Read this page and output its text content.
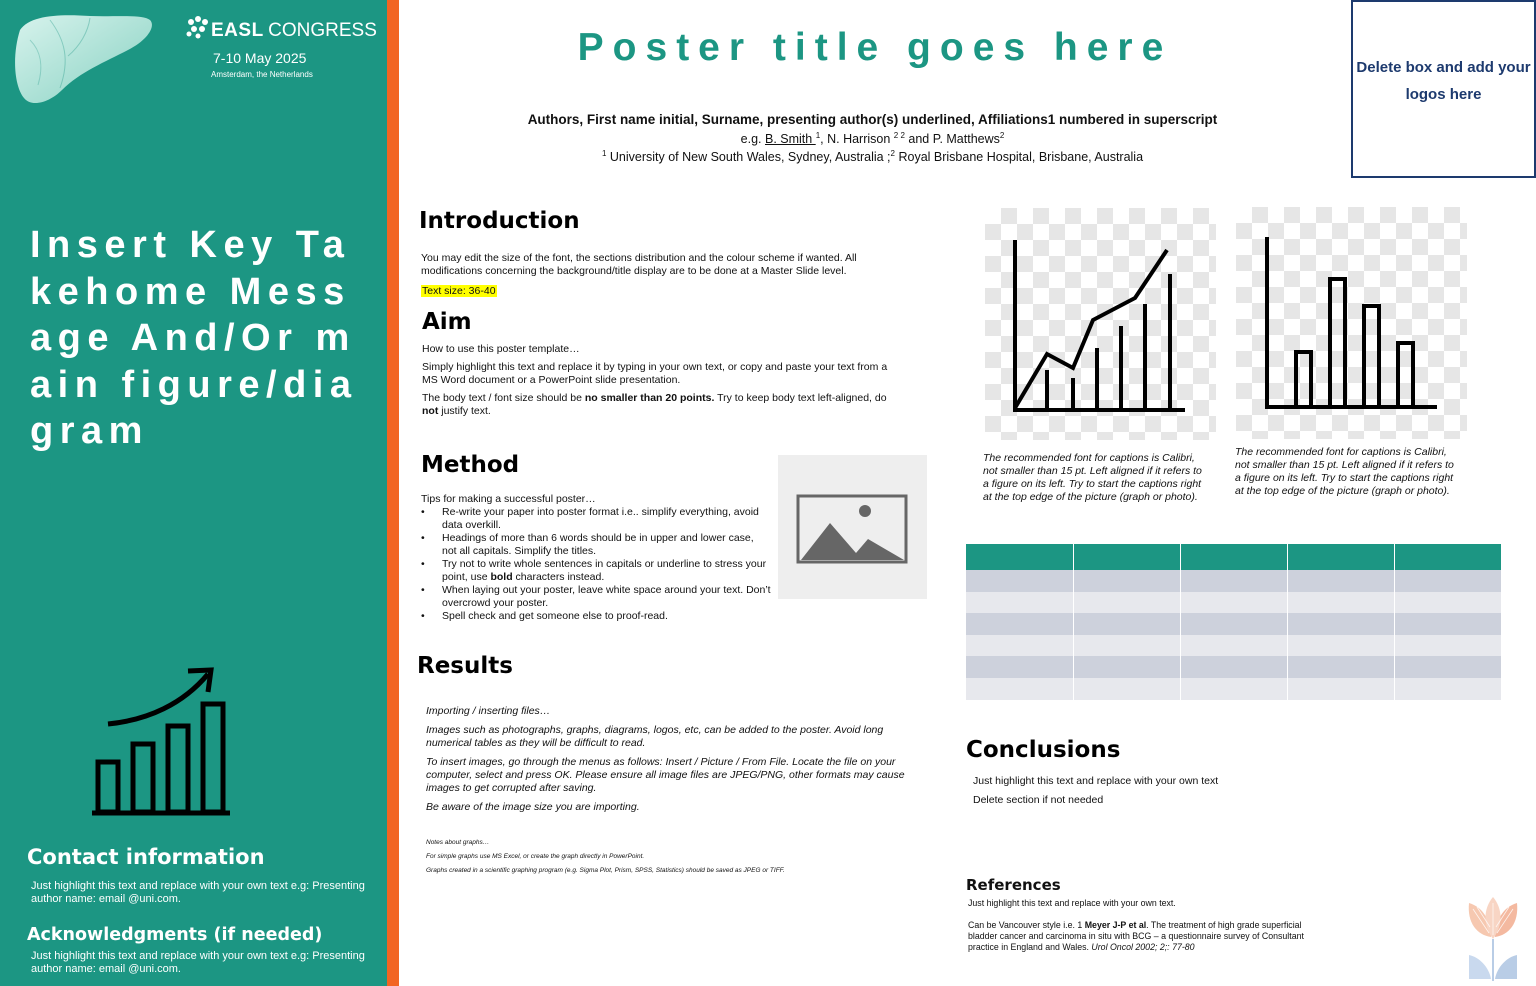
EASL CONGRESS
7-10 May 2025
Amsterdam, the Netherlands
Insert Key Takehome Message And/Or main figure/diagram
Contact information
Just highlight this text and replace with your own text e.g: Presenting author name: email @uni.com.
Acknowledgments (if needed)
Just highlight this text and replace with your own text e.g: Presenting author name: email @uni.com.
Poster title goes here
Authors, First name initial, Surname, presenting author(s) underlined, Affiliations1 numbered in superscript
e.g. B. Smith $^1$, N. Harrison $^{2 2}$ and P. Matthews$^2$
$^1$ University of New South Wales, Sydney, Australia ;$^2$ Royal Brisbane Hospital, Brisbane, Australia
Delete box and add your
logos here
Introduction
You may edit the size of the font, the sections distribution and the colour scheme if wanted. All modifications concerning the background/title display are to be done at a Master Slide level.
Text size: 36-40
Aim

How to use this poster template…

Simply highlight this text and replace it by typing in your own text, or copy and paste your text from a MS Word document or a PowerPoint slide presentation.

The body text / font size should be no smaller than 20 points. Try to keep body text left-aligned, do not justify text.

Method
Tips for making a successful poster…
• Re-write your paper into poster format i.e.. simplify everything, avoid data overkill.
• Headings of more than 6 words should be in upper and lower case, not all capitals. Simplify the titles.
• Try not to write whole sentences in capitals or underline to stress your point, use bold characters instead.
• When laying out your poster, leave white space around your text. Don’t overcrowd your poster.
• Spell check and get someone else to proof-read.
Results

Importing / inserting files…

Images such as photographs, graphs, diagrams, logos, etc, can be added to the poster. Avoid long numerical tables as they will be difficult to read.

To insert images, go through the menus as follows: Insert / Picture / From File. Locate the file on your computer, select and press OK. Please ensure all image files are JPEG/PNG, other formats may cause images to get corrupted after saving.

Be aware of the image size you are importing.

Notes about graphs…
For simple graphs use MS Excel, or create the graph directly in PowerPoint.
Graphs created in a scientific graphing program (e.g. Sigma Plot, Prism, SPSS, Statistics) should be saved as JPEG or TIFF.
The recommended font for captions is Calibri, not smaller than 15 pt. Left aligned if it refers to a figure on its left. Try to start the captions right at the top edge of the picture (graph or photo).
The recommended font for captions is Calibri, not smaller than 15 pt. Left aligned if it refers to a figure on its left. Try to start the captions right at the top edge of the picture (graph or photo).

Conclusions

Just highlight this text and replace with your own text

Delete section if not needed

References

Just highlight this text and replace with your own text.

Can be Vancouver style i.e. 1 Meyer J-P et al. The treatment of high grade superficial bladder cancer and carcinoma in situ with BCG – a questionnaire survey of Consultant practice in England and Wales. Urol Oncol 2002; 2;: 77-80
